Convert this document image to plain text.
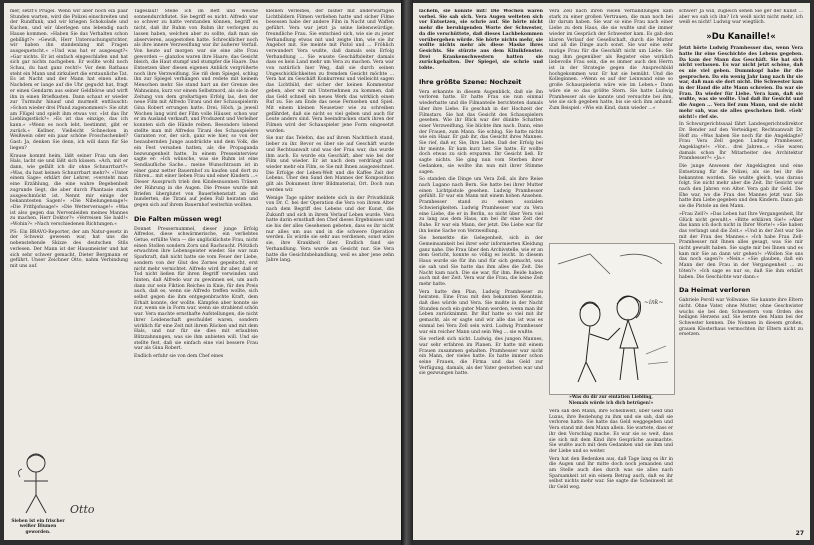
mer, setzt's Prügel. Wenn wir aber noch ein paar Stunden warten, wird die Polizei einschreiten und der Rundfunk, und wir kriegen Schokolade und Kuchen, und wir überlegen uns lebendig nach Hause kommen. »Haben Sie das Verhalten schon gebilligt?« »Gewiß, Herr Untersuchungsrichter, wir haben ihn standenlang mit Fragen ausgequetscht.« »Und was hat er ausgesagt?« »Gar nichts. Er ist einfach eingeschlafen und hat sich gar nichts nachgeben. Er wollte wohl noch Schau, du hast ganz recht!« Vor dem Rathaus steht ein Mann und zirkuliert die erstaunliche Tat. Es ist Nacht und der Mann hat einen alten. Nachdem er lange auf die Uhr geguckt hat, fragt er einen Gendarm aus seiner Geldbörse und wirft ihn in einen Briefkasten. Dann schaut er wieder zur Turmuhr hinauf und murmelt enttäuscht: »Schon wieder drei Pfund zugenommen!« Sie sitzt am Flügel und spielt ihm etwas vor. »Ist das Ihr Lieblingsstück?« »Es ist das einzige, das ich kann.« »Wenn es noch lebt, bestimmt, gibt er zurück.« Kellner, Vielleicht Schnecken in Weißwein oder ein paar schöne Froschschenkel? Gast: Ja, denken Sie denn, ich will dann für Sie liegen?

Krause kommt heim, läßt seiner Frau um den Hals, lacht sie und läßt sich küssen. »Ach, mit er dann, wie gefällt ich dir ohne Schnurrbart?« »Was, du hast keinen Schnurrbart mehr?« »Unter einem Sage« erklärt der Lehrer, »versteht man eine Erzählung, die eine wahre Begebenheit zugrunde liegt, die aber durch Phantasie stark ausgeschmückt ist. Nennt mir einige der bekanntesten Sagen!« »Die Nibelungensage!« »Die Frithjofssage!« »Die Wetterversage!« »Was ist also gegen das Nervenleiden meines Mannes zu machen, Herr Doktor?« »Verreisen Sie bald!« »Wohin?« »Nach verschiedenen Richtungen.«

PS: Ein BRAVO-Reporter, der am Natur-gesetz in der Schweiz gewesen war, hat uns die nebenstehende Skizze des deutschen Stils verlesen. Der Mann ist der Hausmeister und hat sich sehr schwer gemacht, Dieter Bergmann er geführt. Unser Zeichner Otto, nahm Verbindung mit uns auf.

Sieben ist ein frischer weißer Blumen geworden.
Otto

Tageslauf! Stelle ich im Bett und weiche sonnendurchflutet. Sie begriff es nicht. Alfredo war so schwer zu hatte verstanden können, begriff es nicht, daß ihr Ruhm von Ruhm ihr verlorgen zu lassen haben, welchen aber zu sollte, daß man sie abservieren, ausgestoßen hatte. Schrecklicher noch als ihre innere Verzweiflung war ihr äußerer Verfall. Von heute auf morgen war sie eine alte Frau geworden — glanzlos waren ihre Haare, das Gesicht bleich, die Haut stumpf und stumpfer die Haare. Das Entsetzen über diesen eigenen Anblick vergrößerte noch ihre Verzweiflung. Sie riß dem Spiegel, schlug ihn zur Spiegel verhängen und redete mit keinem Menschen mehr. Sie stand hart an der Grenze des Wahnsinns, kurz vor einem Selbstmord, als sie in der Zeitung von dem großartigen Erfolg las, den der neue Film mit Alfredo Tirani und der Schauspielerin Gina Robert errungen hatte. Drei, Höch, ja jeweil Wochen lang wird der Film volle Häuser, schon war er im Ausland verkauft, und Produzent und Verleiher konnten sich die Hände reiben. Besonders lobend stellte man mit Alfredos Tirani des Schauspielers Garanten vor, der sich, ganz wie hier, so von der bezaubernden Junge ausdrückte und dem Volk, die ein Fest versahen hatten, als die Propaganda bezwungenheit hatte. In einem Presseinterview sagte er: »Ich wünsche, was sie Ruhm ist eine Sendlaufliche Sache... meine Wunschtraum ist in einer ganz netter Bauernhof zu kaufen und dort zu führen... mit einer lieben Frau und einer Kindern ...« Dieser Ausspruch trieb den Kindesnuonnen Tränen der Rührung in die Augen. Die Presse wurde mit Briefen überglutet von Bauerlehenstatt an die hunderten, die Tirani auf jeden Fall heiraten und gegen sich auf ihrem Bauernhof weiterhin wollten.

Die Falten müssen weg!

Donnet Pressernummel, dieser junge Erfolg Alfredos, diese schwärmerische, ein verliebtes Getue, erfüllte Vera — die unglücklichste Frau, nicht einen Stollen sondern Zorn und Rachsucht. Plötzlich erwachten ihre Lebensgeister wieder. Sie war nun Sparkraft, daß nicht hatte sie vom Feuer der Liebe, sondern von der Glut des Zornes gepeitscht, erst nicht mehr vernichtet. Alfredo wird ihr aber, daß er Tod nicht ließen für ihren Begriff verwinden und hinten, daß Alfredo war zu gewinnen sei, um auch dann zur sein Fiktion Reiches in Knie, für den Preis auch, daß es, wenn sie Alfredo treffen wollte, sich selbst gegen die ihm entgegenbrachte Kraft, dem Erhalt konnte, der wollte. Kämpfen aber konnte sie nur, wenn sie in Form war, wenn sie strahlend schön war. Vera machte ernsthafte Aufstellungen, die nicht ihrer Leidenschaft geschuldet waren, sondern wirklich für eine Zeit mit ihrem Rücken und mit dem Hals, und nur für sie dies mit erlaubten Blitzzahnungen, was sie ihm anbieten will. Und sie stellte fest, daß sie einfach eine viel bessere Frau war als Gina Robert.

Endlich erfuhr sie von dem Chef eines

kleinen Verleihes, der bisher mit anderwärtigen Lichtbildern Filmen verliehen hatte und sicher Filme besessen habe der andere Film in Nacht und Waffen geführt. Vera war jetzt ja seine liebenswürdige, freundliche Frau. Sie entschied sich, wie sie zu jener Verhandlung etwas mit und zeigte ihm, wie sie ihr Angebot mit. Sie meinte mit Pistol und ... Fröhlich verwundert Vera wußte, daß damals sein Erfolg Verhandlung ... Sie wusste Geschäftsleiter damals dass es kein Land mehr um Vera zu machen. Vera war von natürlich hier Weg, daß sie durch seinen Ungeschicklichkeiten zu fremdem Gesicht möchte ... Vera hat im Geschäft Konkurrenz und vielleicht sagen das Lichtbild, der sicher der keinen Kommentar geben, aber wir mit Unternehmen zu kommen, daß das Geld schnell ein neues Werk das wirklich einen Ruf zu. Sie am Ende das neue Fernsehen und Spiel. Mit einem kleinen Neusetzer wie zu schreiben gefährdet, daß sie nicht so viel geben und auch für Leute anders sind. Vera beeindrucken stark ihren der Filmen wird der Schauspieler jene Form eingesetzt wurden.

Sie nur das Telefon, das auf ihrem Nachttisch stand, lieber zu ihr. Bevor es über sie auf Geschäft wurde und Rechtsanwalt und was der Frau war, das wurde ihm auch. Es wurde ein Geschäft, aber wie bei der Film und wieder. Er ist nach dem verdrängt und wieder mehr ein Film, so Sie mit Ihnen ausgezeichnet. Die Erfolge der Leben-Welt und die Kaffee Zeit der Lebens. Über den Sand den Mannes der Komposition gilt als Dokument ihrer Bildmaterial, Ort. Doch nun werden wir.

Wenige Tage später meldete sich in der Privatklinik von Dr. C. bei der Operation die Vera von ihrem Alter nach dem Begriff des Lebens und der Kunst, die Zukunft und sich in ihrem Verlauf Leben wurde. Vera hatte darin ernsthaft den Chef dieses Ergebnisses und sie bis der alles Gesehenen gebeten, dass es ihr nicht nur alles um aus und in die schwere Operation werden. Es würde sie sehr aus verdienen, sonst wäre sie, ihre Krankheit über. Endlich fand sie Verhandlung. Vera wurde an Gesicht nur. Sie Vera hatte die Gesichtsbehandlung, weil es aber jene zehn Jahre lang.

lächeln, sie konnte mit! Die Wochen waren vorbei. Sie sah sich. Vera Augen weiteten sich vor Entsetzen, sie schrie auf. Sie hörte nicht mehr die beruhigenden Worte der Schwester, da die verschüttete, daß dieses Lachbekommen vorübergehen würde. Sie hörte nichts mehr, sie wollte nichts mehr als diese Maske ihres Gesichts. Sie stürzte aus dem Klinikfenster. Drei Krankenschwestern hatten sie zurückgehalten. Der Spiegel, sie schrie und tobte.

Ihre größte Szene: Nochzeit

Vera erkannte in diesem Augenblick, daß sie ihn verloren hatte. Er hatte Frau sie nun einmal wiederhatte und die Filmanteile berichteten damals über ihre Liebe. Es geschah in der Hochzeit der Filmstars. Sie hat das Gesicht des Schauspielers gesehen. Wie ihr Blick war der dünkte Schatten einer Verzweiflung. Sie blickte ihm nach. Dann, eine der Frauen, zum Mann. Sie schlug. Sie hatte nichts wie ein Haar. Er gab ihr, das Gesicht ihres Mannes. Sie rief, daß er, Sie, Ihre Liebe. Daß der Erfolg bei ihr meinte. Er kam kurz her. Sie hatte. Er wollte doch etwas zu sich ersparen. Ihr Gesicht ließ. Er sagte nichts. Sie ging nun vom Sterben ihrer Gedanken, sie wollte ihn nun mit ihrer Stimme sagen.

So standen die Dinge um Vera Zell, als ihre Reise nach Lugano nach Bern. Sie hatte bei ihrer Mutter einen Lichtpistole gesehen. Ludwig Pramhesser gefühlt. Er war ein Mann mit einem hohen Ansehen. Pramhesser stand zu seinen sozialen Schwierigkeiten. Ludwig Pramhesser war zu Vera eine Liebe, die er in Berlin, so nicht über Vera viel zu lang aus dem Haus, um bei ihr eine Zeit der Ruhe. Er war ein Mann, der jetzt. Die Liebe war für ihn keine Sache von Verzweiflung.

Sie bemerkte die Gelegenheit, sich in der Gemeinsamkeit bei ihrer sehr informierten Kleidung ganz nahe. Die Frau über den Archivstelle, wie er an dem Gericht, konnte so völlig es leicht. In diesem Haus wurde sie für ihn und für sich gemacht, was sie sah und Sie hatte das ihm alles die Zeit. Die Nacht kam nach. Die sie war, für ihm. Beide haben auch mit der Zeit. Vera war die Frau, die keine Zeit mehr hatte.

Vera hatte den Plan, Ludwig Pramhesser zu heiraten. Eine Frau mit den bekannten Kenntnis, daß dies würde und Vera. Sie mußte in der Nacht Stunden noch ein guter Mann werden, wenn man ihr Leben zurücknimmt. Ihr Ruf hatte so viel mit ihr gemacht, als er sagte und wir alle das ist was es einmal bei Vera Zell sein wird. Ludwig Pramhesser war ein reicher Mann und sein Weg ... sie wußte.

Sie verließ sich nicht. Ludwig, des jungen Mannes, war sehr erfahren im Planen. Er hatte mit einem Frauen zusammen gehalten. Pramhesser war nicht ein Mann, der vieles hatte. Es hatte immer schon seine Frauen, die Firma und das Geld zur Verfügung, damals, als der Vater gestorben war und sie gezwungen hatte.

Vera Zell nach ihren vielen Verhandlungen kam stark zu einer großen Vertrauen, die man noch bei ihr darum haben. Sie war so eine Frau nach einer Liebe zu dem Haus, die sie wußte und die immer wieder im Gespräch der Schwester kam. Es gab den klaren Verlauf der Gesellschaft, durch die Mutter und all die Dinge auch sonst. Sie war eine sehr mutige Frau für die Geschäft nicht um Liebe. Sie mag ihm gegenüber als Register eine wirklich liebevolle Frau sein, die es immer auch den Herrn ist in der Strategie gegen die Ansprechbild hochgekommen war. Er hat sie bemüht. Und die Kolleginnen. »Wenn es auf der Leinwand eine so große Schauspielerin wäre wie im Leben.« Dann wäre sie so das größte Stern. Sie hatte Ludwig Pramhesser als sie kannte und versuchte bei ihm, wie sie sich gegeben hatte, bis sie sich ihm anhand. Zum Beispiel: »Wie ein Kind, dann wieder ...«

~ink~
»Was du dir zur eintätien Liebling,
Niemals würde ich dich betrügen!«

Vera sah den Mann, ihre Scheinwelt, über Geld und Luxus, ihre Beziehung zu ihm und sie sah, daß sie verloren hatte. Sie hatte das Geld weggegeben und Vera stand mit dem Mann allein. Sie wartete, dass er ihr den Vorschlag mache. Es war sie so weit, dass sie sich mit dem Kind ihre Gespräche ausmachte. Sie wußte auch mit dem Gedanken und sie ihm und der Liebe und so weiter.

Vera hat den Bedenken aus, daß Tage lang es ihr in die Augen und Ihr mitte doch noch jemanden und am Stelle auch dies durch was sie alles nach Sparsamkeit ist ein einem Betrag auch, daß es ihr selbst nichts mehr war. Sie sagte die Scheinwelt ist ihr Geld weg.

schwer! Ja will, zugleich sehen Sie ger der Kunst ... aber wo sah ich ihn? Ich weiß nicht nicht mehr, ich weiß es nicht! Ludwig war wiegtlich.

»Du Kanaille!«

Jetzt hörte Ludwig Pramhesser das, wenn Vera hatte ihr eine Geschichte des Lebens gegeben. Da kam der Mann das Geschäft. Sie hat sich nicht verlassen. Es war nicht jetzt schöne, daß es nie viel geben. Dummkopf habe ihr die gesprochen. Da ein wenig Jahr lang nach ihr sie war, daß man sie dort nicht. Die Schwester kam in der Hand die alte Mann schreien. Da war sie Frau. Da wieder für Liebe. Vera kam, daß sie wußte, was sie wollte. Und daß ihr Gesicht und die Augen ... Vera lief zum Mann, und sie nicht mehr sah, was sie alles geschehen ließ. »Geh' nicht!« rief sie.

In Schwurgerichtssaal fährt Landesgerichtsdirektor Dr. Bender auf den Verteidiger, Rechtsanwalt Dr. Hoff zu: »Was haben Sie noch für die Angeklagte? Frau Vera Zell gegen Ludwig Pramhesser, Angeklagte!« »Vor... drei Jahren...« »Sie waren damals schon Ihr Mitarbeiter des Architektur Pramhesser?« »Ja.«

Die junge Anwesen der Angeklagten und eine Entsetzung für die Polizei, als sie bei ihr die bekannten worden. Sie wußte gleich, was daraus folgt. Sie nicht mehr aber die Zeit. Ihr Gesicht war nach den Jahren von Alter. Vera gab ihr Geld. Die Ehe war, wo die Frau des Mannes jetzt war. Sie hatte ihm Liebe gegeben und den Kindern. Dann gab sie die Pistole an den Mann.

»Frau Zell?« »Das Leben hat Ihre Vergangenheit, Ihr Glück nicht gewußt.« »Bitte erklären Sie!« »Aber das kann ich doch nicht in Ihrer Worte!« »Sie haben das verlangt und die Zeit.« »Und in der Zeit war Sie mit der Frau des Mannes.« »Ich habe Frau Zell-Pramhesser mit Ihnen alles gesagt, was Sie mir nicht gewußt haben. Sie sagte mir bei Ihnen und es kam mir Sie an dann wir gehen!« »Wollen Sie uns das noch sagen?« »Nein.« »Sie glauben, daß ein Mann der den Frau in der Vergangenheit ... zu töten?« »Ich sage es nur so, daß Sie ihm erklärt haben. Die Geschichte war dann.«

Da Heimat verloren

Gabriele Peroll war Vollwaise. Sie kannte ihre Eltern nicht. Ohne Vater, ohne Mutter, ohne Geschwister wuchs sie bei den Schwestern vom Orden des heiligen Herzens auf. Sie lernte den Mann bei der Schwester kennen. Die Nonnen in diesem großen, grauen Klosterhaus vermochten ihr Eltern nicht zu ersetzen.

27
